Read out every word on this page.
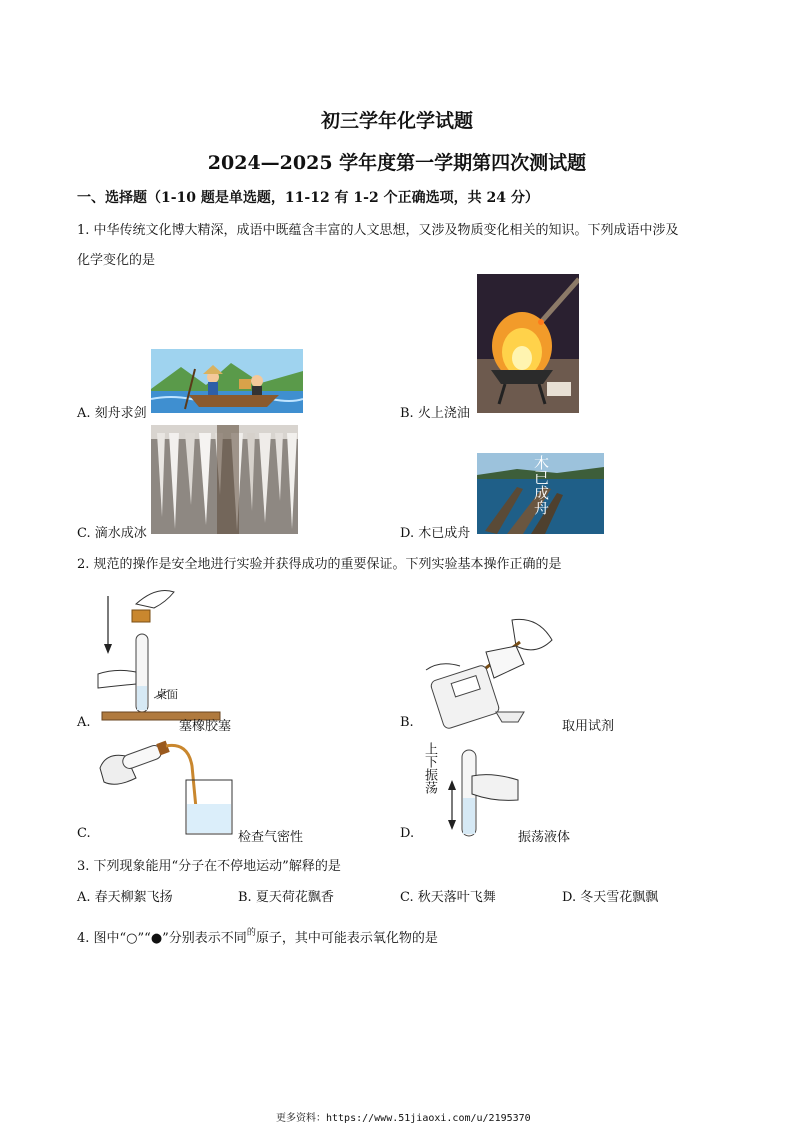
初三学年化学试题
2024—2025 学年度第一学期第四次测试题
一、选择题（1-10 题是单选题，11-12 有 1-2 个正确选项，共 24 分）
1. 中华传统文化博大精深，成语中既蕴含丰富的人文思想，又涉及物质变化相关的知识。下列成语中涉及
化学变化的是
A. 刻舟求剑	B. 火上浇油
C. 滴水成冰	D. 木已成舟
木已成舟
2. 规范的操作是安全地进行实验并获得成功的重要保证。下列实验基本操作正确的是
A.
桌面
塞橡胶塞	B.	取用试剂
C.	检查气密性	D.
上下振荡
振荡液体
3. 下列现象能用“分子在不停地运动”解释的是
A. 春天柳絮飞扬	B. 夏天荷花飘香	C. 秋天落叶飞舞	D. 冬天雪花飘飘
4. 图中“○”“●”分别表示不同$^的$原子，其中可能表示氧化物的是
更多资料：https://www.51jiaoxi.com/u/2195370
